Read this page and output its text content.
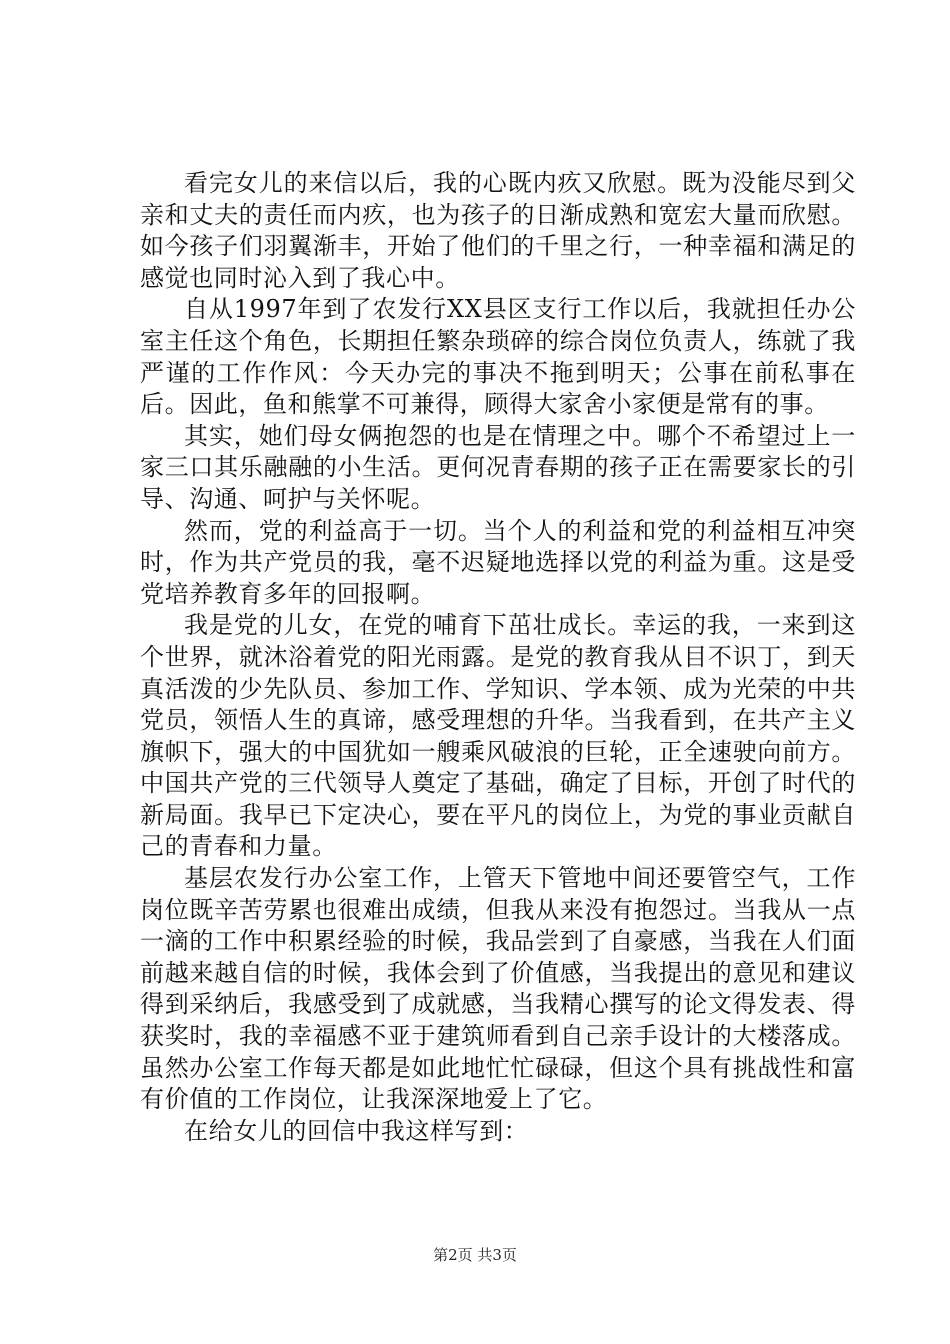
看完女儿的来信以后，我的心既内疚又欣慰。既为没能尽到父亲和丈夫的责任而内疚，也为孩子的日渐成熟和宽宏大量而欣慰。如今孩子们羽翼渐丰，开始了他们的千里之行，一种幸福和满足的感觉也同时沁入到了我心中。

自从1997年到了农发行XX县区支行工作以后，我就担任办公室主任这个角色，长期担任繁杂琐碎的综合岗位负责人，练就了我严谨的工作作风：今天办完的事决不拖到明天；公事在前私事在后。因此，鱼和熊掌不可兼得，顾得大家舍小家便是常有的事。

其实，她们母女俩抱怨的也是在情理之中。哪个不希望过上一家三口其乐融融的小生活。更何况青春期的孩子正在需要家长的引导、沟通、呵护与关怀呢。

然而，党的利益高于一切。当个人的利益和党的利益相互冲突时，作为共产党员的我，毫不迟疑地选择以党的利益为重。这是受党培养教育多年的回报啊。

我是党的儿女，在党的哺育下茁壮成长。幸运的我，一来到这个世界，就沐浴着党的阳光雨露。是党的教育我从目不识丁，到天真活泼的少先队员、参加工作、学知识、学本领、成为光荣的中共党员，领悟人生的真谛，感受理想的升华。当我看到，在共产主义旗帜下，强大的中国犹如一艘乘风破浪的巨轮，正全速驶向前方。中国共产党的三代领导人奠定了基础，确定了目标，开创了时代的新局面。我早已下定决心，要在平凡的岗位上，为党的事业贡献自己的青春和力量。

基层农发行办公室工作，上管天下管地中间还要管空气，工作岗位既辛苦劳累也很难出成绩，但我从来没有抱怨过。当我从一点一滴的工作中积累经验的时候，我品尝到了自豪感，当我在人们面前越来越自信的时候，我体会到了价值感，当我提出的意见和建议得到采纳后，我感受到了成就感，当我精心撰写的论文得发表、得获奖时，我的幸福感不亚于建筑师看到自己亲手设计的大楼落成。虽然办公室工作每天都是如此地忙忙碌碌，但这个具有挑战性和富有价值的工作岗位，让我深深地爱上了它。

在给女儿的回信中我这样写到：

第2页 共3页
